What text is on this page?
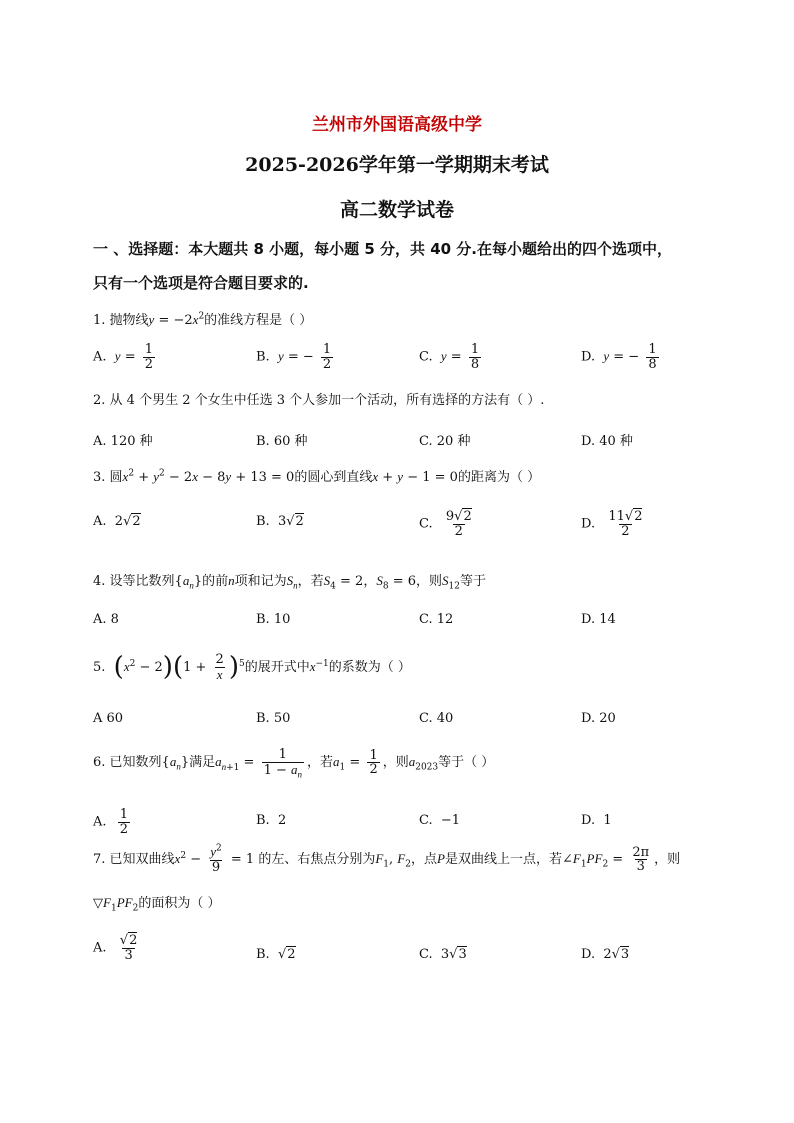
兰州市外国语高级中学
2025-2026学年第一学期期末考试
高二数学试卷
一 、选择题：本大题共 8 小题，每小题 5 分，共 40 分.在每小题给出的四个选项中，
只有一个选项是符合题目要求的.
1. 抛物线$y = -2x^2$的准线方程是（ ）
A. $y = \frac{1}{2}$	B. y = − $\frac{1}{2}$	C. $y = \frac{1}{8}$	D. y = − $\frac{1}{8}$
2. 从 4 个男生 2 个女生中任选 3 个人参加一个活动，所有选择的方法有（ ）.
A. 120 种	B. 60 种	C. 20 种	D. 40 种
3. 圆$x^2 + y^2 - 2x - 8y + 13 = 0$的圆心到直线x + y − 1 = 0的距离为（ ）
A.  2√2	B.  3√2	C. $\frac{9√2}{2}$	D. $\frac{11√2}{2}$
4. 设等比数列$\{a_n\}$的前n项和记为$S_n$，若$S_4 = 2$，$S_8 = 6$，则$S_{12}$等于
A. 8	B. 10	C. 12	D. 14
5.  $(x^2 - 2)(1 + \frac{2}{x} )^5$的展开式中$x^{-1}$的系数为（ ）
A 60	B. 50	C. 40	D. 20
6. 已知数列$\{a_n\}$满足$a_{n+1} = \frac{1}{1 - a_n}$ ，若$a_1 = \frac{1}{2}$ ，则$a_{2023}$等于（ ）
A. $\frac{1}{2}$	B. 2	C. −1	D. 1
7. 已知双曲线$x^2 - \frac{y^2}{9} = 1$ 的左、右焦点分别为$F_1$, $F_2$，点P是双曲线上一点，若$\angle F_1PF_2 = \frac{2\pi}{3}$ ，则
$▽F_1PF_2$的面积为（ ）
A. $\frac{√2}{3}$	B.  √2	C.  3√3	D.  2√3
